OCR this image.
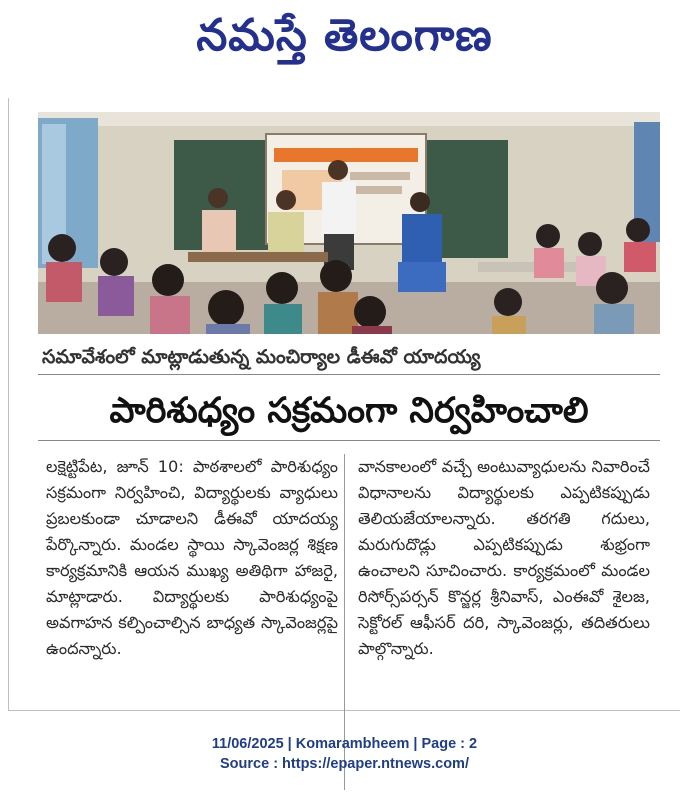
నమస్తే తెలంగాణ
సమావేశంలో మాట్లాడుతున్న మంచిర్యాల డీఈవో యాదయ్య
పారిశుధ్యం సక్రమంగా నిర్వహించాలి
లక్షెట్టిపేట, జూన్ 10: పాఠశాలలో పారిశుధ్యం సక్రమంగా నిర్వహించి, విద్యార్థులకు వ్యాధులు ప్రబలకుండా చూడాలని డీఈవో యాదయ్య పేర్కొన్నారు. మండల స్థాయి స్కావెంజర్ల శిక్షణ కార్యక్రమానికి ఆయన ముఖ్య అతిథిగా హాజరై, మాట్లాడారు. విద్యార్థులకు పారిశుధ్యంపై అవగాహన కల్పించాల్సిన బాధ్యత స్కావెంజర్లపై ఉందన్నారు.
వానకాలంలో వచ్చే అంటువ్యాధులను నివారించే విధానాలను విద్యార్థులకు ఎప్పటికప్పుడు తెలియజేయాలన్నారు. తరగతి గదులు, మరుగుదొడ్లు ఎప్పటికప్పుడు శుభ్రంగా ఉంచాలని సూచించారు. కార్యక్రమంలో మండల రిసోర్స్‌పర్సన్ కొన్జర్ల శ్రీనివాస్, ఎంఈవో శైలజ, సెక్టోరల్ ఆఫీసర్ దరి, స్కావెంజర్లు, తదితరులు పాల్గొన్నారు.
11/06/2025 | Komarambheem | Page : 2
Source : https://epaper.ntnews.com/
